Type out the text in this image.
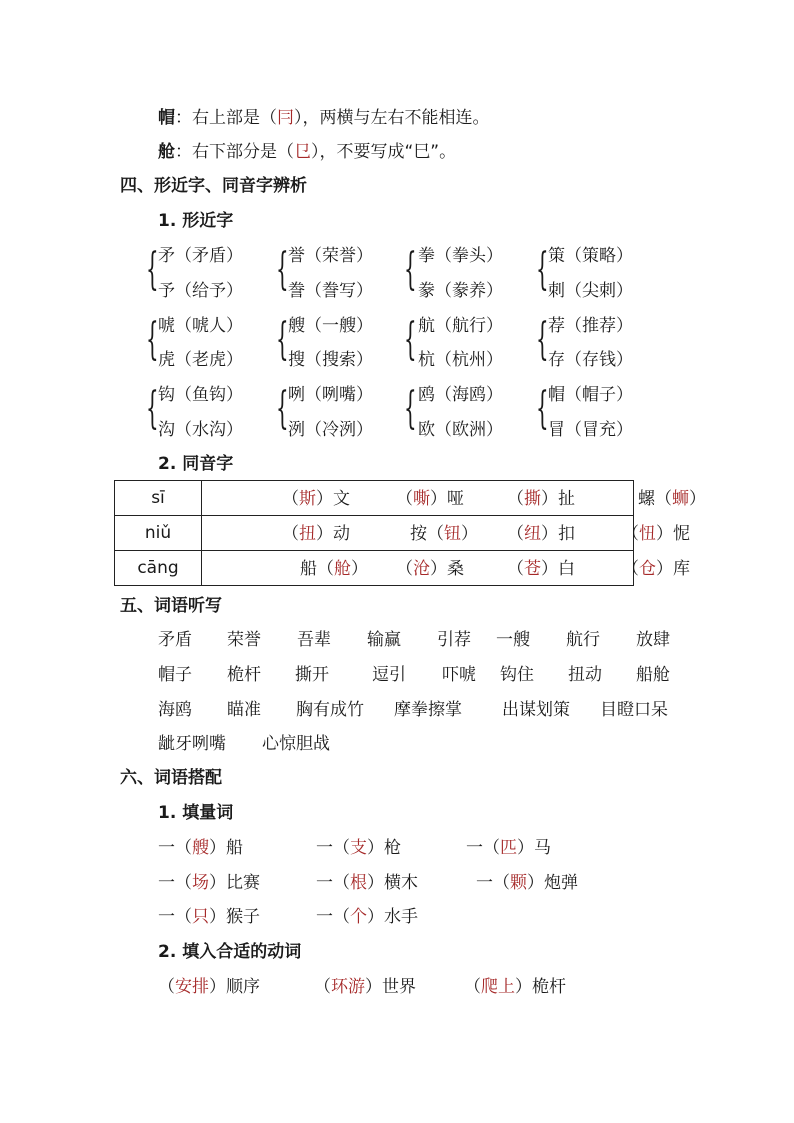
帽：右上部是（冃），两横与左右不能相连。
舱：右下部分是（㔾），不要写成“巳”。
四、形近字、同音字辨析
1. 形近字
{
矛（矛盾）
予（给予）
{
誉（荣誉）
誊（誊写）
{
拳（拳头）
豢（豢养）
{
策（策略）
刺（尖刺）
{
唬（唬人）
虎（老虎）
{
艘（一艘）
搜（搜索）
{
航（航行）
杭（杭州）
{
荐（推荐）
存（存钱）
{
钩（鱼钩）
沟（水沟）
{
咧（咧嘴）
洌（冷洌）
{
鸥（海鸥）
欧（欧洲）
{
帽（帽子）
冒（冒充）
2. 同音字
sī	（斯）文 （嘶）哑 （撕）扯 螺（蛳）

niǔ	（扭）动 按（钮） （纽）扣 （忸）怩

cāng	船（舱） （沧）桑 （苍）白 （仓）库
五、词语听写
矛盾 荣誉 吾辈 输赢 引荐 一艘 航行 放肆
帽子 桅杆 撕开	逗引 吓唬 钩住 扭动 船舱
海鸥 瞄准 胸有成竹 摩拳擦掌 出谋划策 目瞪口呆
龇牙咧嘴 心惊胆战
六、词语搭配
1. 填量词
一（艘）船	一（支）枪	一（匹）马
一（场）比赛	一（根）横木	一（颗）炮弹
一（只）猴子	一（个）水手
2. 填入合适的动词
（安排）顺序	（环游）世界	（爬上）桅杆
